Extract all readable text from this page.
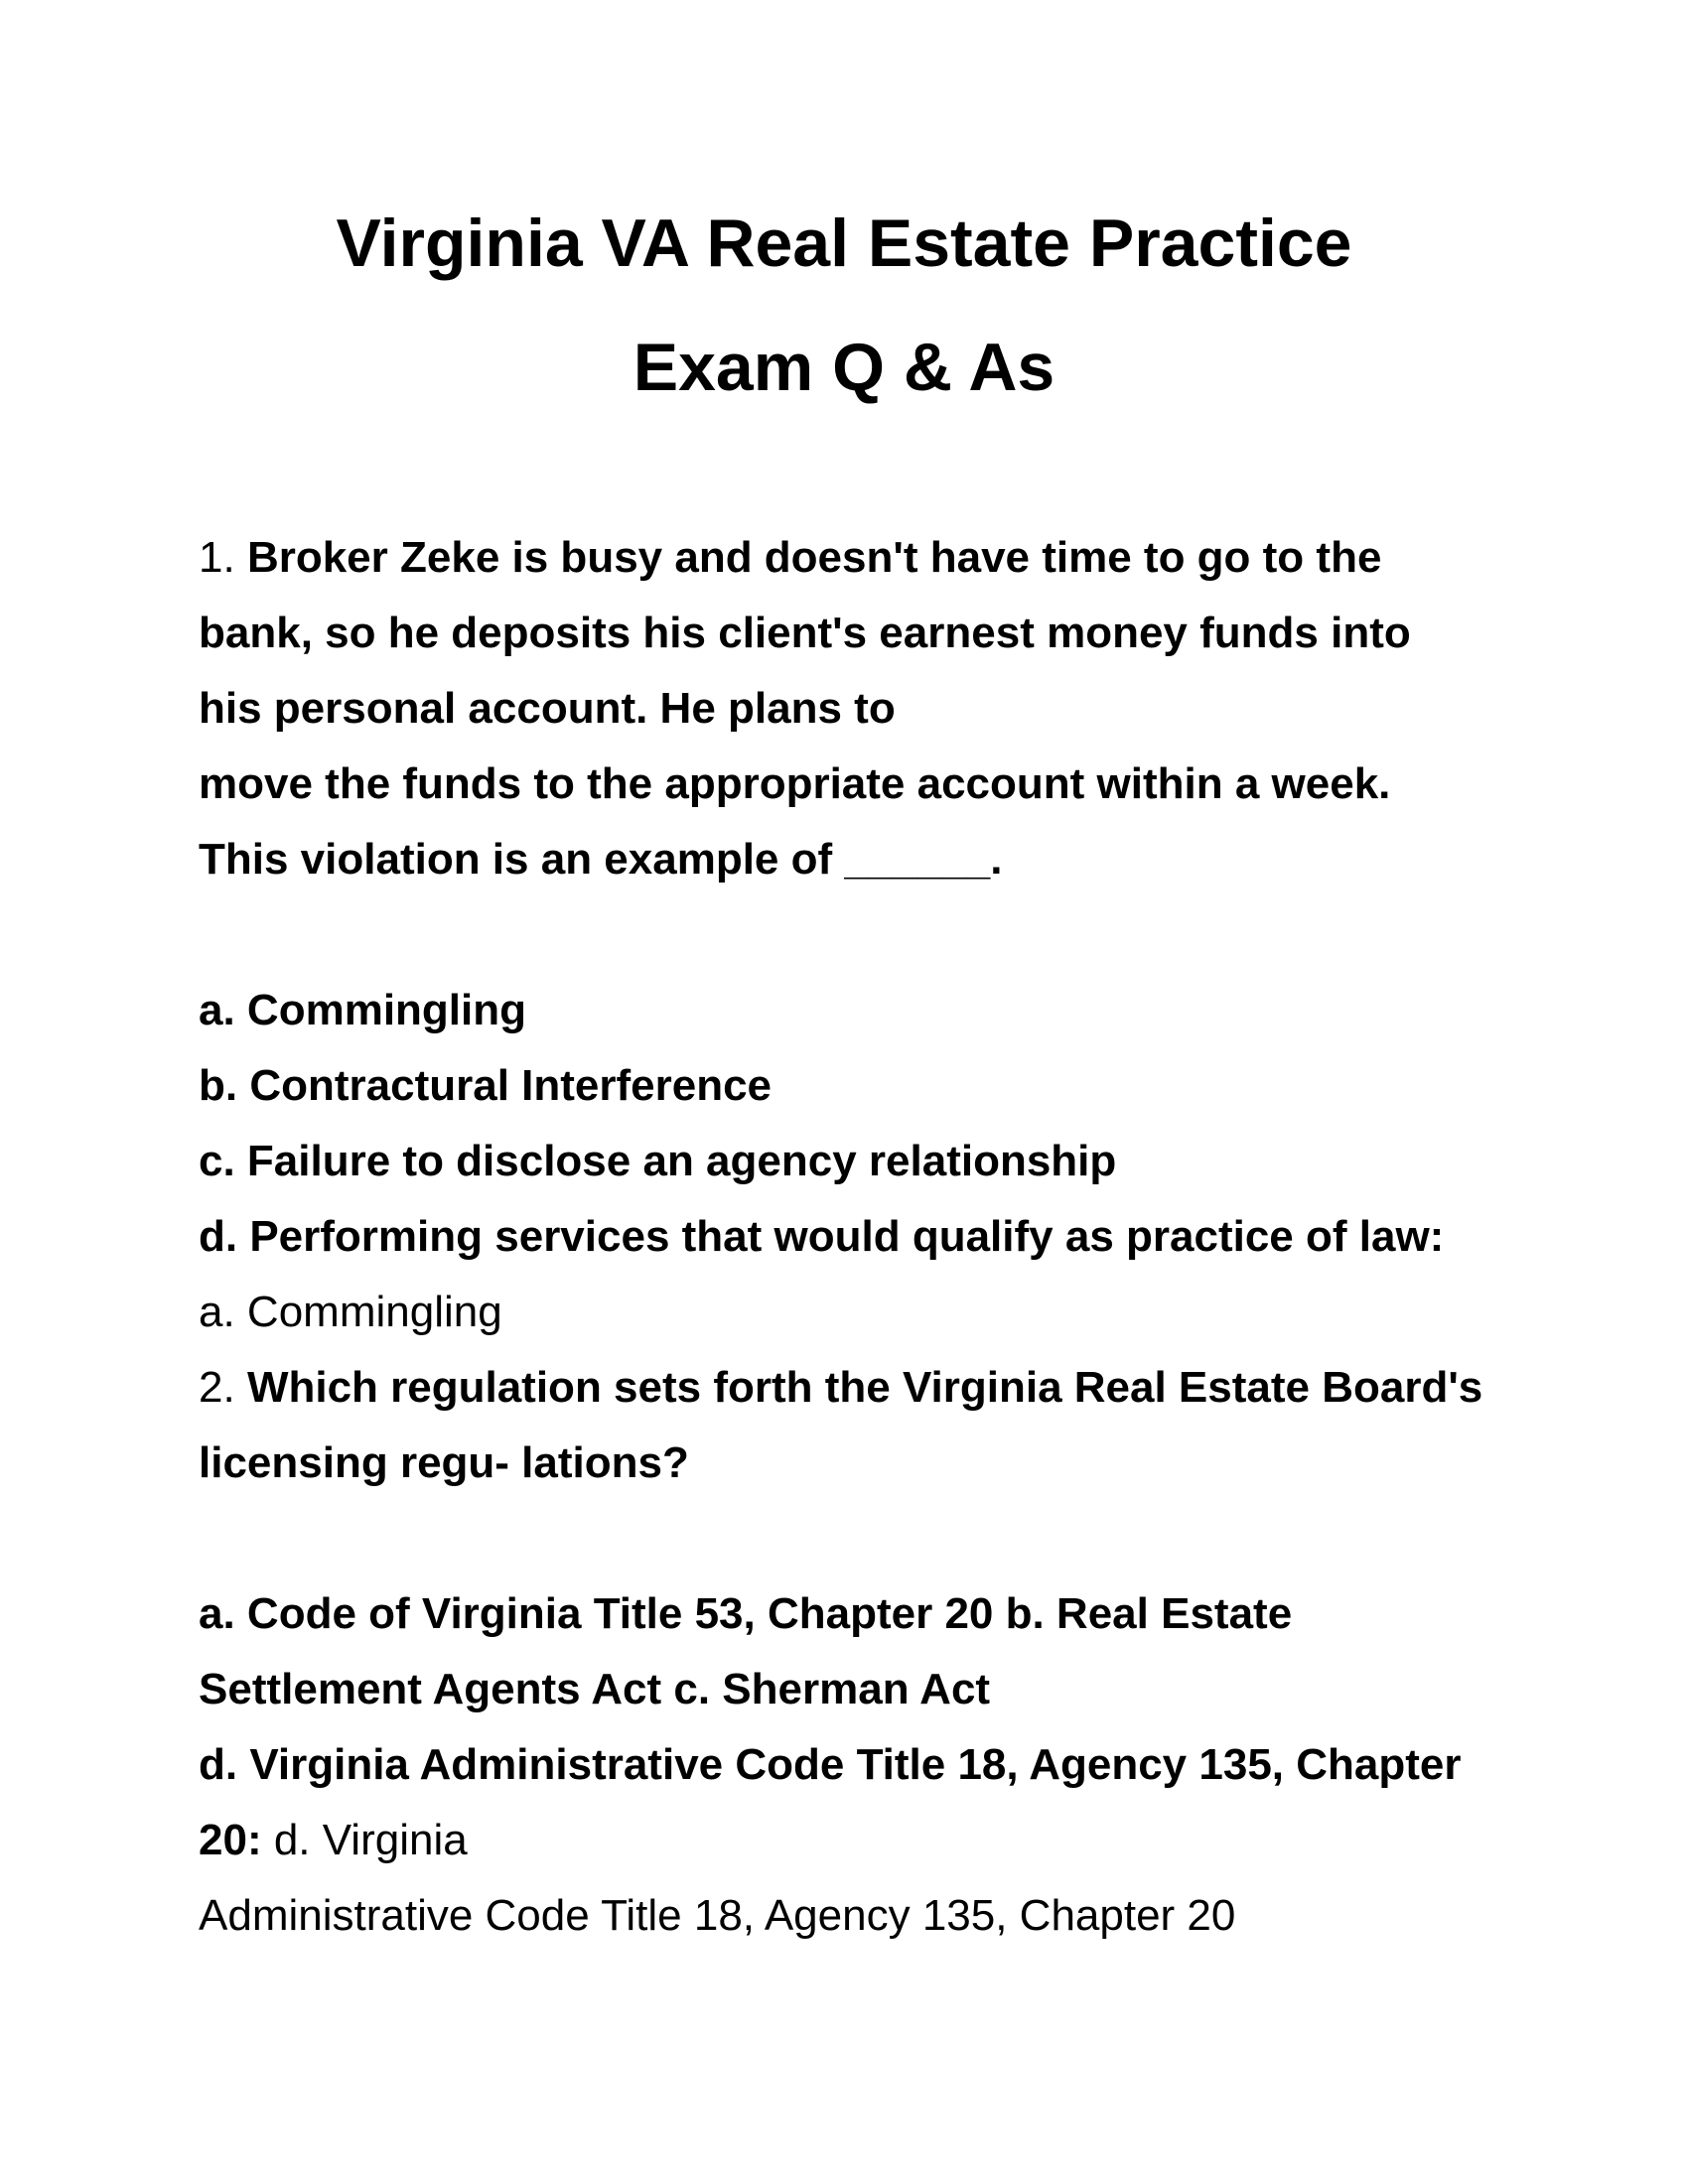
Virginia VA Real Estate Practice
Exam Q & As
1. Broker Zeke is busy and doesn't have time to go to the
bank, so he deposits his client's earnest money funds into
his personal account. He plans to
move the funds to the appropriate account within a week.
This violation is an example of ______.
a. Commingling
b. Contractural Interference
c. Failure to disclose an agency relationship
d. Performing services that would qualify as practice of law:
a. Commingling
2. Which regulation sets forth the Virginia Real Estate Board's
licensing regu- lations?
a. Code of Virginia Title 53, Chapter 20 b. Real Estate
Settlement Agents Act c. Sherman Act
d. Virginia Administrative Code Title 18, Agency 135, Chapter
20: d. Virginia
Administrative Code Title 18, Agency 135, Chapter 20
